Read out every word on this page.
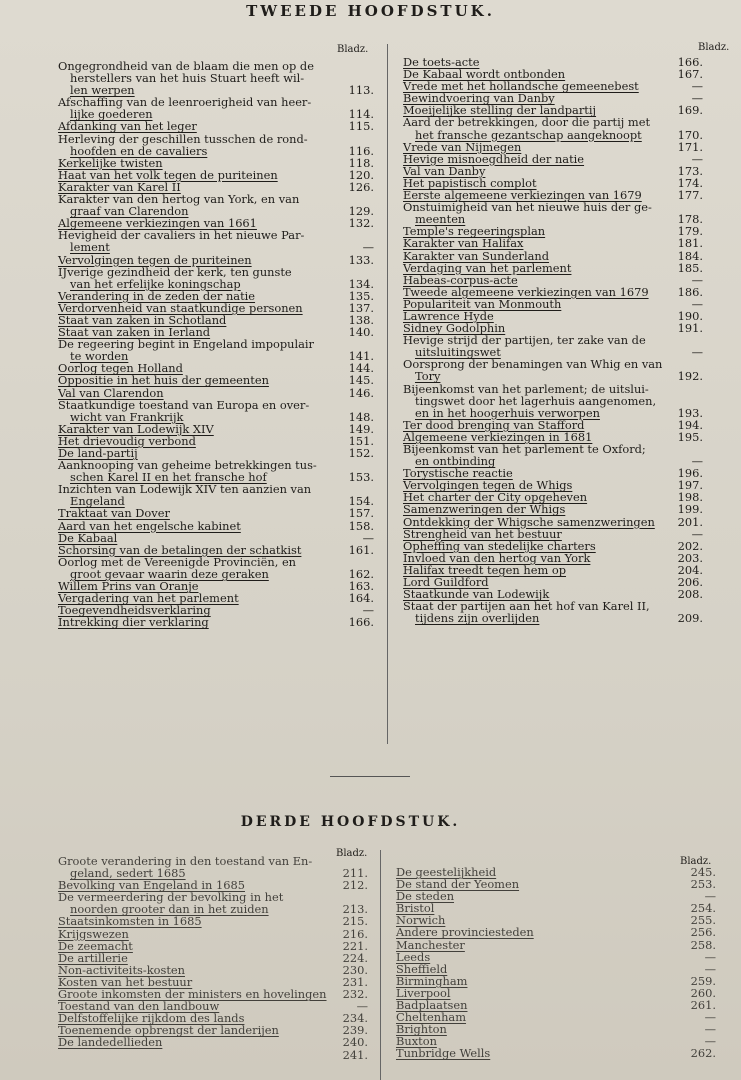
TWEEDE HOOFDSTUK.
Bladz.	Bladz.
Ongegrondheid van de blaam die men op de
herstellers van het huis Stuart heeft wil-
len werpen	113.
Afschaffing van de leenroerigheid van heer-
lijke goederen	114.
Afdanking van het leger	115.
Herleving der geschillen tusschen de rond-
hoofden en de cavaliers	116.
Kerkelijke twisten	118.
Haat van het volk tegen de puriteinen	120.
Karakter van Karel II	126.
Karakter van den hertog van York, en van
graaf van Clarendon	129.
Algemeene verkiezingen van 1661	132.
Hevigheid der cavaliers in het nieuwe Par-
lement	—
Vervolgingen tegen de puriteinen	133.
IJverige gezindheid der kerk, ten gunste
van het erfelijke koningschap	134.
Verandering in de zeden der natie	135.
Verdorvenheid van staatkundige personen	137.
Staat van zaken in Schotland	138.
Staat van zaken in Ierland	140.
De regeering begint in Engeland impopulair
te worden	141.
Oorlog tegen Holland	144.
Oppositie in het huis der gemeenten	145.
Val van Clarendon	146.
Staatkundige toestand van Europa en over-
wicht van Frankrijk	148.
Karakter van Lodewijk XIV	149.
Het drievoudig verbond	151.
De land-partij	152.
Aanknooping van geheime betrekkingen tus-
schen Karel II en het fransche hof	153.
Inzichten van Lodewijk XIV ten aanzien van
Engeland	154.
Traktaat van Dover	157.
Aard van het engelsche kabinet	158.
De Kabaal	—
Schorsing van de betalingen der schatkist	161.
Oorlog met de Vereenigde Provinciën, en
groot gevaar waarin deze geraken	162.
Willem Prins van Oranje	163.
Vergadering van het parlement	164.
Toegevendheidsverklaring	—
Intrekking dier verklaring	166.
De toets-acte	166.
De Kabaal wordt ontbonden	167.
Vrede met het hollandsche gemeenebest	—
Bewindvoering van Danby	—
Moeijelijke stelling der landpartij	169.
Aard der betrekkingen, door die partij met
het fransche gezantschap aangeknoopt	170.
Vrede van Nijmegen	171.
Hevige misnoegdheid der natie	—
Val van Danby	173.
Het papistisch complot	174.
Eerste algemeene verkiezingen van 1679	177.
Onstuimigheid van het nieuwe huis der ge-
meenten	178.
Temple's regeeringsplan	179.
Karakter van Halifax	181.
Karakter van Sunderland	184.
Verdaging van het parlement	185.
Habeas-corpus-acte	—
Tweede algemeene verkiezingen van 1679	186.
Populariteit van Monmouth	—
Lawrence Hyde	190.
Sidney Godolphin	191.
Hevige strijd der partijen, ter zake van de
uitsluitingswet	—
Oorsprong der benamingen van Whig en van
Tory	192.
Bijeenkomst van het parlement; de uitslui-
tingswet door het lagerhuis aangenomen,
en in het hoogerhuis verworpen	193.
Ter dood brenging van Stafford	194.
Algemeene verkiezingen in 1681	195.
Bijeenkomst van het parlement te Oxford;
en ontbinding	—
Torystische reactie	196.
Vervolgingen tegen de Whigs	197.
Het charter der City opgeheven	198.
Samenzweringen der Whigs	199.
Ontdekking der Whigsche samenzweringen	201.
Strengheid van het bestuur	—
Opheffing van stedelijke charters	202.
Invloed van den hertog van York	203.
Halifax treedt tegen hem op	204.
Lord Guildford	206.
Staatkunde van Lodewijk	208.
Staat der partijen aan het hof van Karel II,
tijdens zijn overlijden	209.
DERDE HOOFDSTUK.
Bladz.
Bladz.
Groote verandering in den toestand van En-
geland, sedert 1685	211.
Bevolking van Engeland in 1685	212.
De vermeerdering der bevolking in het
noorden grooter dan in het zuiden	213.
Staatsinkomsten in 1685	215.
Krijgswezen	216.
De zeemacht	221.
De artillerie	224.
Non-activiteits-kosten	230.
Kosten van het bestuur	231.
Groote inkomsten der ministers en hovelingen	232.
Toestand van den landbouw	—
Delfstoffelijke rijkdom des lands	234.
Toenemende opbrengst der landerijen	239.
De landedellieden	240.
241.
De geestelijkheid	245.
De stand der Yeomen	253.
De steden	—
Bristol	254.
Norwich	255.
Andere provinciesteden	256.
Manchester	258.
Leeds	—
Sheffield	—
Birmingham	259.
Liverpool	260.
Badplaatsen	261.
Cheltenham	—
Brighton	—
Buxton	—
Tunbridge Wells	262.
